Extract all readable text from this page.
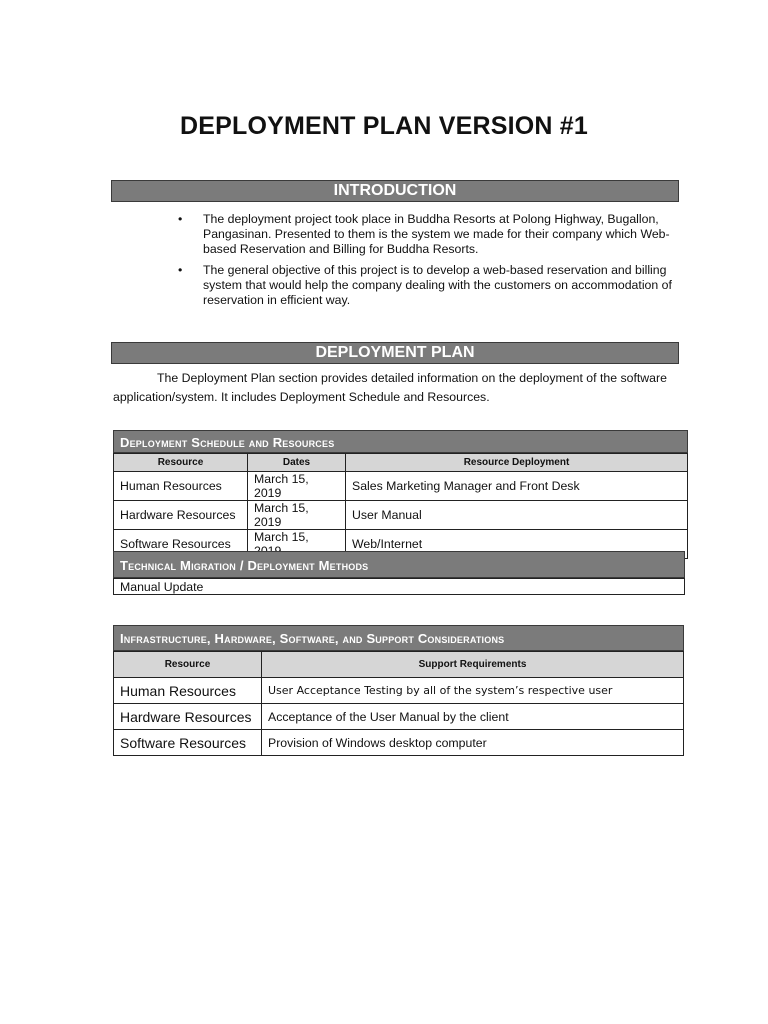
DEPLOYMENT PLAN VERSION #1
INTRODUCTION
• The deployment project took place in Buddha Resorts at Polong Highway, Bugallon, Pangasinan. Presented to them is the system we made for their company which Web-based Reservation and Billing for Buddha Resorts.
• The general objective of this project is to develop a web-based reservation and billing system that would help the company dealing with the customers on accommodation of reservation in efficient way.
DEPLOYMENT PLAN
The Deployment Plan section provides detailed information on the deployment of the software application/system. It includes Deployment Schedule and Resources.
Deployment Schedule and Resources
Resource	Dates	Resource Deployment
Human Resources	March 15, 2019	Sales Marketing Manager and Front Desk
Hardware Resources	March 15, 2019	User Manual
Software Resources	March 15,	Web/Internet
Technical Migration / Deployment Methods
Manual Update
Infrastructure, Hardware, Software, and Support Considerations
Resource	Support Requirements
Human Resources	User Acceptance Testing by all of the system’s respective user
Hardware Resources	Acceptance of the User Manual by the client
Software Resources	Provision of Windows desktop computer
